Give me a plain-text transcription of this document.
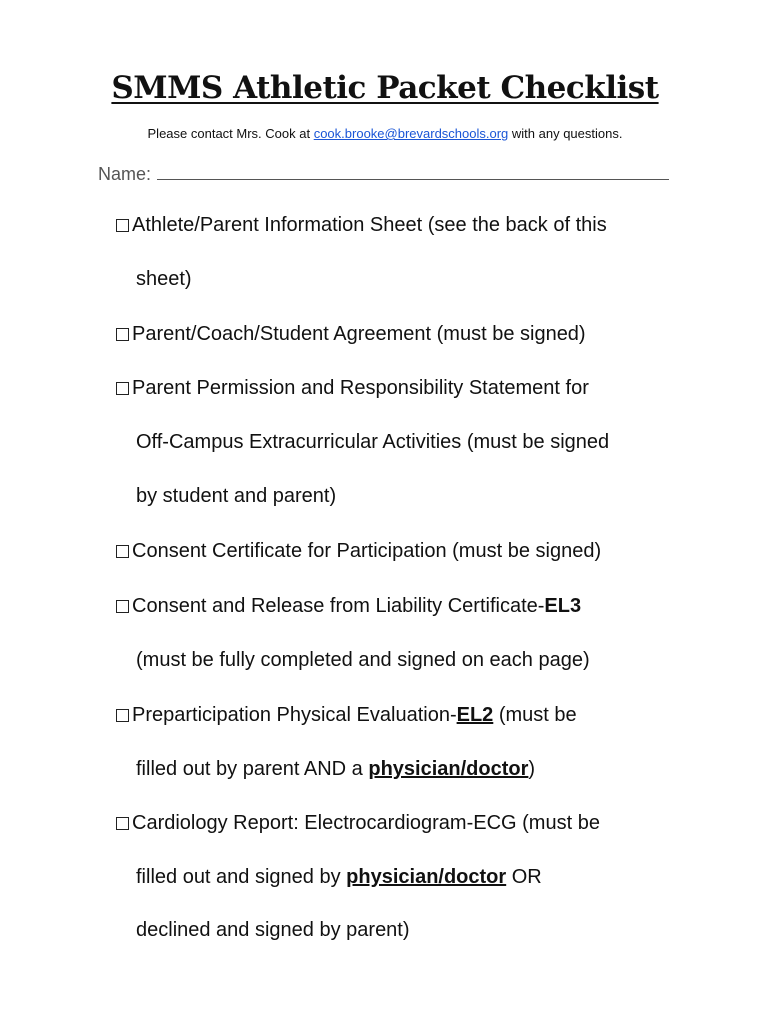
SMMS Athletic Packet Checklist
Please contact Mrs. Cook at cook.brooke@brevardschools.org with any questions.
Name:
Athlete/Parent Information Sheet (see the back of this
sheet)
Parent/Coach/Student Agreement (must be signed)
Parent Permission and Responsibility Statement for
Off-Campus Extracurricular Activities (must be signed
by student and parent)
Consent Certificate for Participation (must be signed)
Consent and Release from Liability Certificate-EL3
(must be fully completed and signed on each page)
Preparticipation Physical Evaluation-EL2 (must be
filled out by parent AND a physician/doctor)
Cardiology Report: Electrocardiogram-ECG (must be
filled out and signed by physician/doctor OR
declined and signed by parent)
